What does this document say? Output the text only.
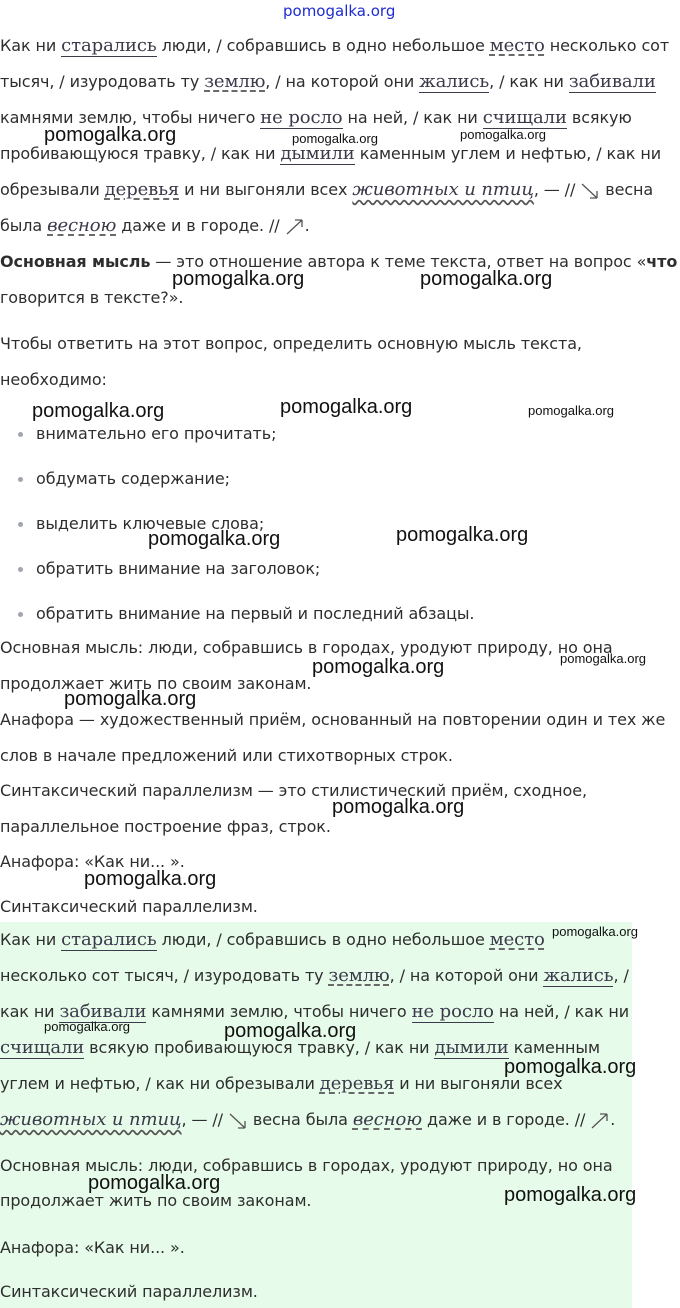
pomogalka.org
Как ни старались люди, / собравшись в одно небольшое место несколько сот
тысяч, / изуродовать ту землю, / на которой они жались, / как ни забивали
камнями землю, чтобы ничего не росло на ней, / как ни счищали всякую
пробивающуюся травку, / как ни дымили каменным углем и нефтью, / как ни
обрезывали деревья и ни выгоняли всех животных и птиц, — //  весна
была весною даже и в городе. // .
Основная мысль — это отношение автора к теме текста, ответ на вопрос «что
говорится в тексте?».
Чтобы ответить на этот вопрос, определить основную мысль текста,
необходимо:
внимательно его прочитать;
обдумать содержание;
выделить ключевые слова;
обратить внимание на заголовок;
обратить внимание на первый и последний абзацы.
Основная мысль: люди, собравшись в городах, уродуют природу, но она
продолжает жить по своим законам.
Анафора — художественный приём, основанный на повторении один и тех же
слов в начале предложений или стихотворных строк.
Синтаксический параллелизм — это стилистический приём, сходное,
параллельное построение фраз, строк.
Анафора: «Как ни... ».
Синтаксический параллелизм.
Как ни старались люди, / собравшись в одно небольшое место
несколько сот тысяч, / изуродовать ту землю, / на которой они жались, /
как ни забивали камнями землю, чтобы ничего не росло на ней, / как ни
счищали всякую пробивающуюся травку, / как ни дымили каменным
углем и нефтью, / как ни обрезывали деревья и ни выгоняли всех
животных и птиц, — //  весна была весною даже и в городе. // .
Основная мысль: люди, собравшись в городах, уродуют природу, но она
продолжает жить по своим законам.
Анафора: «Как ни... ».
Синтаксический параллелизм.
pomogalka.org	pomogalka.org	pomogalka.org
pomogalka.org	pomogalka.org
pomogalka.org	pomogalka.org	pomogalka.org
pomogalka.org	pomogalka.org
pomogalka.org	pomogalka.org
pomogalka.org
pomogalka.org
pomogalka.org
pomogalka.org
pomogalka.org	pomogalka.org
pomogalka.org
pomogalka.org
pomogalka.org
